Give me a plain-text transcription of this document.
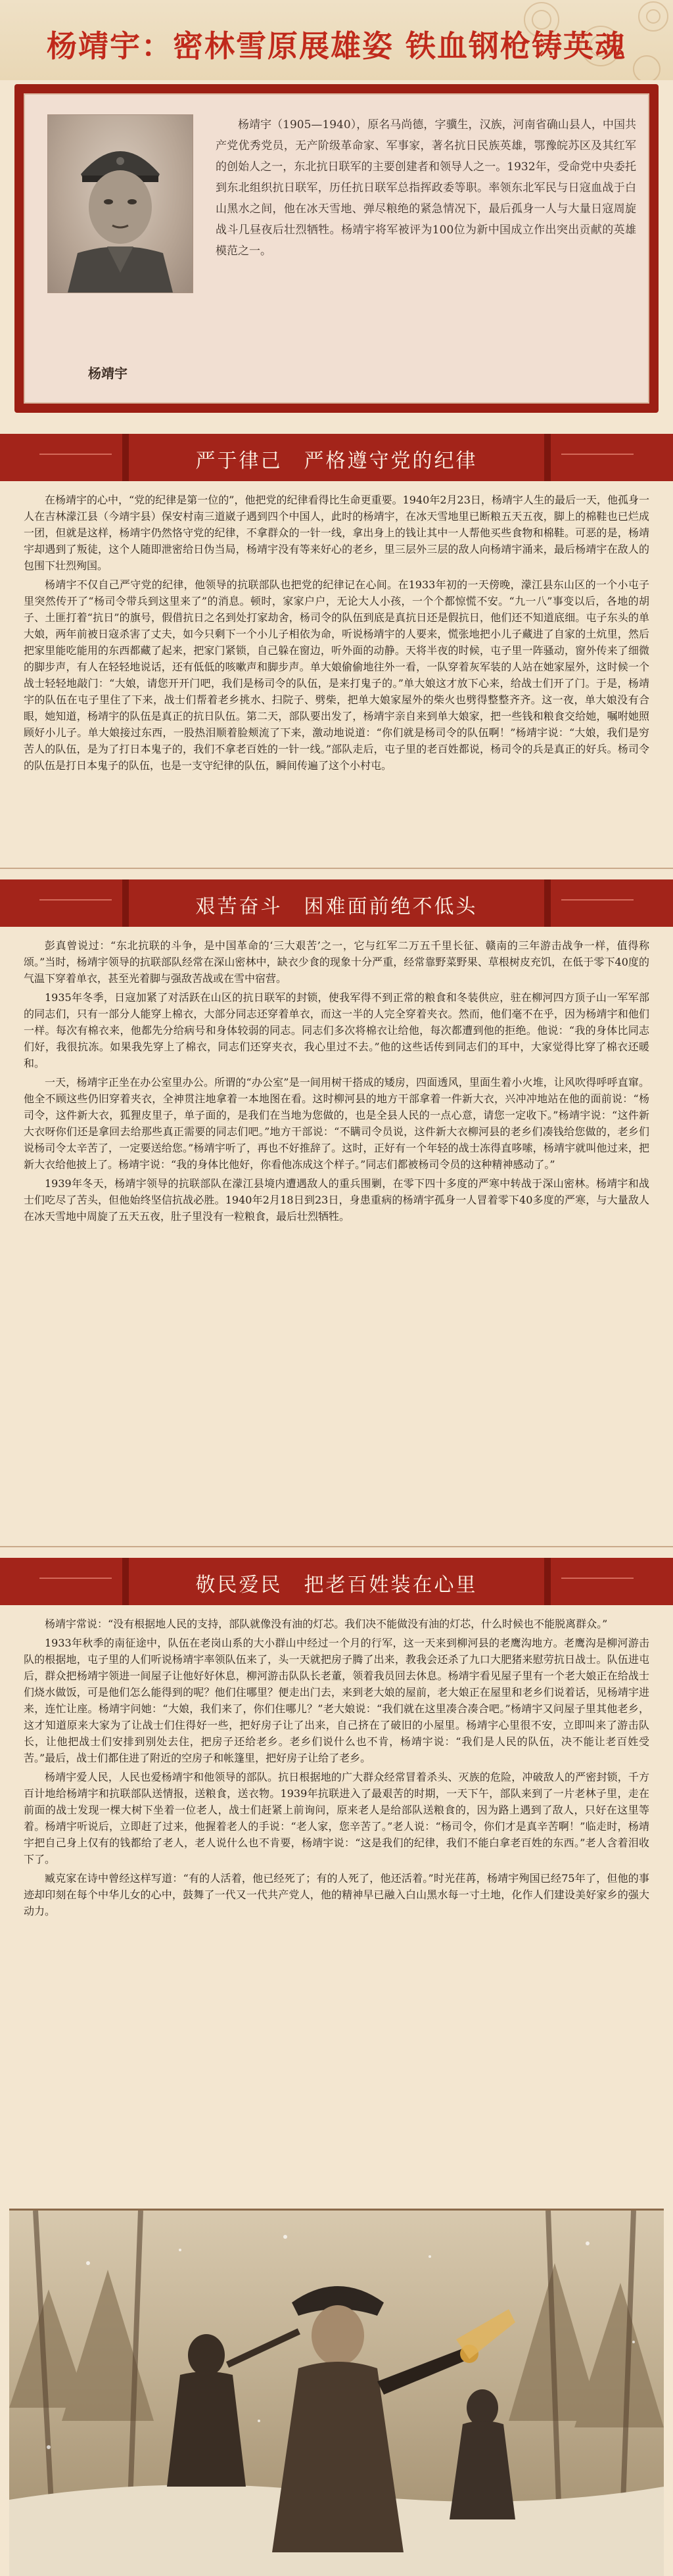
杨靖宇：密林雪原展雄姿 铁血钢枪铸英魂
杨靖宇
杨靖宇（1905—1940），原名马尚德，字骥生，汉族，河南省确山县人，中国共产党优秀党员，无产阶级革命家、军事家，著名抗日民族英雄，鄂豫皖苏区及其红军的创始人之一，东北抗日联军的主要创建者和领导人之一。1932年，受命党中央委托到东北组织抗日联军，历任抗日联军总指挥政委等职。率领东北军民与日寇血战于白山黑水之间，他在冰天雪地、弹尽粮绝的紧急情况下，最后孤身一人与大量日寇周旋战斗几昼夜后壮烈牺牲。杨靖宇将军被评为100位为新中国成立作出突出贡献的英雄模范之一。
严于律己　严格遵守党的纪律

在杨靖宇的心中，“党的纪律是第一位的”，他把党的纪律看得比生命更重要。1940年2月23日，杨靖宇人生的最后一天，他孤身一人在吉林濛江县（今靖宇县）保安村南三道崴子遇到四个中国人，此时的杨靖宇，在冰天雪地里已断粮五天五夜，脚上的棉鞋也已烂成一团，但就是这样，杨靖宇仍然恪守党的纪律，不拿群众的一针一线，拿出身上的钱让其中一人帮他买些食物和棉鞋。可恶的是，杨靖宇却遇到了叛徒，这个人随即泄密给日伪当局，杨靖宇没有等来好心的老乡，里三层外三层的敌人向杨靖宇涌来，最后杨靖宇在敌人的包围下壮烈殉国。

杨靖宇不仅自己严守党的纪律，他领导的抗联部队也把党的纪律记在心间。在1933年初的一天傍晚，濛江县东山区的一个小屯子里突然传开了“杨司令带兵到这里来了”的消息。顿时，家家户户，无论大人小孩，一个个都惊慌不安。“九一八”事变以后，各地的胡子、土匪打着“抗日”的旗号，假借抗日之名到处打家劫舍，杨司令的队伍到底是真抗日还是假抗日，他们还不知道底细。屯子东头的单大娘，两年前被日寇杀害了丈夫，如今只剩下一个小儿子相依为命，听说杨靖宇的人要来，慌张地把小儿子藏进了自家的土炕里，然后把家里能吃能用的东西都藏了起来，把家门紧锁，自己躲在窗边，听外面的动静。天将半夜的时候，屯子里一阵骚动，窗外传来了细微的脚步声，有人在轻轻地说话，还有低低的咳嗽声和脚步声。单大娘偷偷地往外一看，一队穿着灰军装的人站在她家屋外，这时候一个战士轻轻地敲门：“大娘，请您开开门吧，我们是杨司令的队伍，是来打鬼子的。”单大娘这才放下心来，给战士们开了门。于是，杨靖宇的队伍在屯子里住了下来，战士们帮着老乡挑水、扫院子、劈柴，把单大娘家屋外的柴火也劈得整整齐齐。这一夜，单大娘没有合眼，她知道，杨靖宇的队伍是真正的抗日队伍。第二天，部队要出发了，杨靖宇亲自来到单大娘家，把一些钱和粮食交给她，嘱咐她照顾好小儿子。单大娘接过东西，一股热泪顺着脸颊流了下来，激动地说道：“你们就是杨司令的队伍啊！”杨靖宇说：“大娘，我们是穷苦人的队伍，是为了打日本鬼子的，我们不拿老百姓的一针一线。”部队走后，屯子里的老百姓都说，杨司令的兵是真正的好兵。杨司令的队伍是打日本鬼子的队伍，也是一支守纪律的队伍，瞬间传遍了这个小村屯。

艰苦奋斗　困难面前绝不低头

彭真曾说过：“东北抗联的斗争，是中国革命的‘三大艰苦’之一，它与红军二万五千里长征、赣南的三年游击战争一样，值得称颂。”当时，杨靖宇领导的抗联部队经常在深山密林中，缺衣少食的现象十分严重，经常靠野菜野果、草根树皮充饥，在低于零下40度的气温下穿着单衣，甚至光着脚与强敌苦战或在雪中宿营。

1935年冬季，日寇加紧了对活跃在山区的抗日联军的封锁，使我军得不到正常的粮食和冬装供应，驻在柳河四方顶子山一军军部的同志们，只有一部分人能穿上棉衣，大部分同志还穿着单衣，而这一半的人完全穿着夹衣。然而，他们毫不在乎，因为杨靖宇和他们一样。每次有棉衣来，他都先分给病号和身体较弱的同志。同志们多次将棉衣让给他，每次都遭到他的拒绝。他说：“我的身体比同志们好，我很抗冻。如果我先穿上了棉衣，同志们还穿夹衣，我心里过不去。”他的这些话传到同志们的耳中，大家觉得比穿了棉衣还暖和。

一天，杨靖宇正坐在办公室里办公。所谓的“办公室”是一间用树干搭成的矮房，四面透风，里面生着小火堆，让风吹得呼呼直窜。他全不顾这些仍旧穿着夹衣，全神贯注地拿着一本地图在看。这时柳河县的地方干部拿着一件新大衣，兴冲冲地站在他的面前说：“杨司令，这件新大衣，狐狸皮里子，单子面的，是我们在当地为您做的，也是全县人民的一点心意，请您一定收下。”杨靖宇说：“这件新大衣呀你们还是拿回去给那些真正需要的同志们吧。”地方干部说：“不瞒司令员说，这件新大衣柳河县的老乡们凑钱给您做的，老乡们说杨司令太辛苦了，一定要送给您。”杨靖宇听了，再也不好推辞了。这时，正好有一个年轻的战士冻得直哆嗦，杨靖宇就叫他过来，把新大衣给他披上了。杨靖宇说：“我的身体比他好，你看他冻成这个样子。”同志们都被杨司令员的这种精神感动了。”

1939年冬天，杨靖宇领导的抗联部队在濛江县境内遭遇敌人的重兵围剿，在零下四十多度的严寒中转战于深山密林。杨靖宇和战士们吃尽了苦头，但他始终坚信抗战必胜。1940年2月18日到23日，身患重病的杨靖宇孤身一人冒着零下40多度的严寒，与大量敌人在冰天雪地中周旋了五天五夜，肚子里没有一粒粮食，最后壮烈牺牲。

敬民爱民　把老百姓装在心里

杨靖宇常说：“没有根据地人民的支持，部队就像没有油的灯芯。我们决不能做没有油的灯芯，什么时候也不能脱离群众。”

1933年秋季的南征途中，队伍在老岗山系的大小群山中经过一个月的行军，这一天来到柳河县的老鹰沟地方。老鹰沟是柳河游击队的根据地，屯子里的人们听说杨靖宇率领队伍来了，头一天就把房子腾了出来，教我会还杀了九口大肥猪来慰劳抗日战士。队伍进屯后，群众把杨靖宇领进一间屋子让他好好休息，柳河游击队队长老董，领着我员回去休息。杨靖宇看见屋子里有一个老大娘正在给战士们烧水做饭，可是他们怎么能得到的呢？他们住哪里？便走出门去，来到老大娘的屋前，老大娘正在屋里和老乡们说着话，见杨靖宇进来，连忙让座。杨靖宇问她：“大娘，我们来了，你们住哪儿？”老大娘说：“我们就在这里凑合凑合吧。”杨靖宇又问屋子里其他老乡，这才知道原来大家为了让战士们住得好一些，把好房子让了出来，自己挤在了破旧的小屋里。杨靖宇心里很不安，立即叫来了游击队长，让他把战士们安排到别处去住，把房子还给老乡。老乡们说什么也不肯，杨靖宇说：“我们是人民的队伍，决不能让老百姓受苦。”最后，战士们都住进了附近的空房子和帐篷里，把好房子让给了老乡。

杨靖宇爱人民，人民也爱杨靖宇和他领导的部队。抗日根据地的广大群众经常冒着杀头、灭族的危险，冲破敌人的严密封锁，千方百计地给杨靖宇和抗联部队送情报，送粮食，送衣物。1939年抗联进入了最艰苦的时期，一天下午，部队来到了一片老林子里，走在前面的战士发现一棵大树下坐着一位老人，战士们赶紧上前询问，原来老人是给部队送粮食的，因为路上遇到了敌人，只好在这里等着。杨靖宇听说后，立即赶了过来，他握着老人的手说：“老人家，您辛苦了。”老人说：“杨司令，你们才是真辛苦啊！”临走时，杨靖宇把自己身上仅有的钱都给了老人，老人说什么也不肯要，杨靖宇说：“这是我们的纪律，我们不能白拿老百姓的东西。”老人含着泪收下了。

臧克家在诗中曾经这样写道：“有的人活着，他已经死了；有的人死了，他还活着。”时光荏苒，杨靖宇殉国已经75年了，但他的事迹却印刻在每个中华儿女的心中，鼓舞了一代又一代共产党人，他的精神早已融入白山黑水每一寸土地，化作人们建设美好家乡的强大动力。
